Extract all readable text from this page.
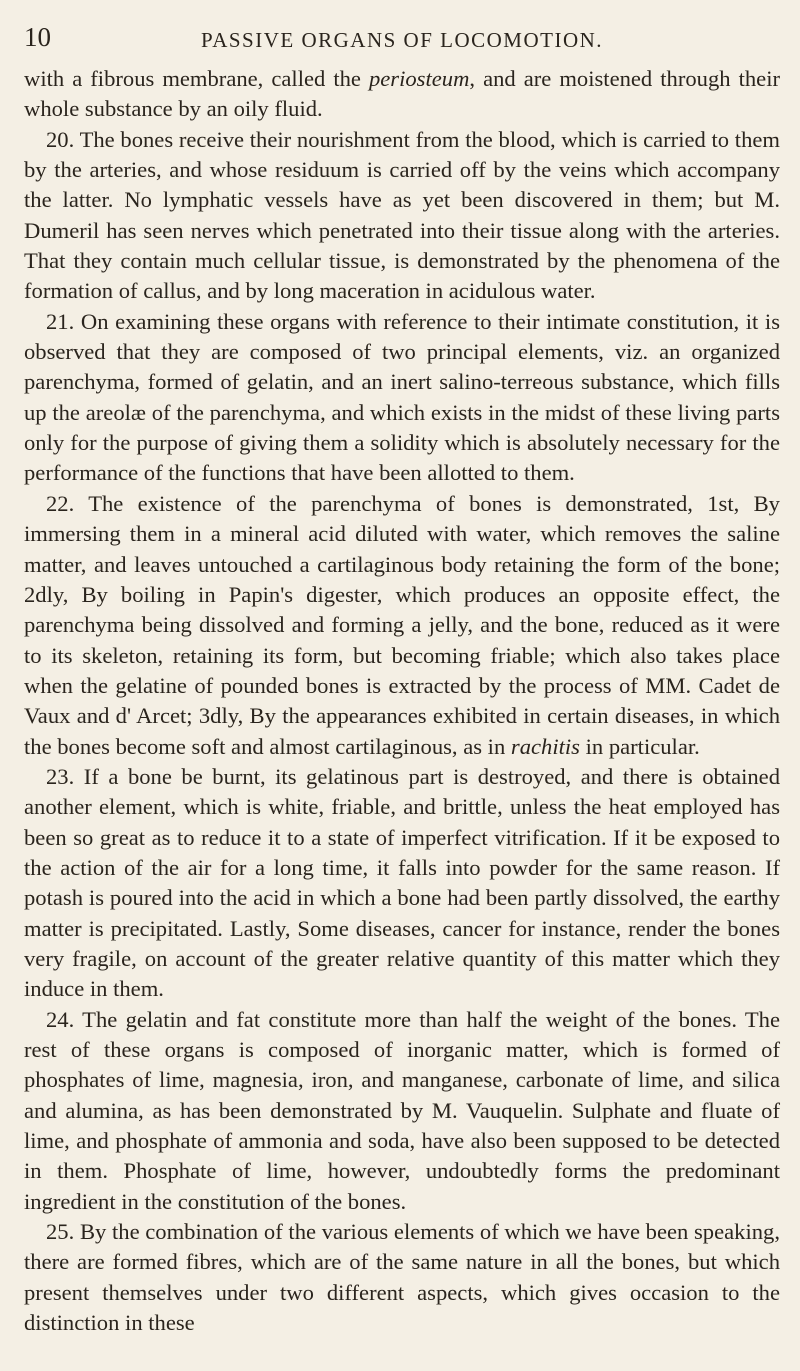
10	PASSIVE ORGANS OF LOCOMOTION.

with a fibrous membrane, called the periosteum, and are moistened through their whole substance by an oily fluid.

20. The bones receive their nourishment from the blood, which is carried to them by the arteries, and whose residuum is carried off by the veins which accompany the latter. No lymphatic vessels have as yet been discovered in them; but M. Dumeril has seen nerves which penetrated into their tissue along with the arteries. That they contain much cellular tissue, is demonstrated by the phenomena of the formation of callus, and by long maceration in acidulous water.

21. On examining these organs with reference to their intimate constitution, it is observed that they are composed of two principal elements, viz. an organized parenchyma, formed of gelatin, and an inert salino-terreous substance, which fills up the areolæ of the parenchyma, and which exists in the midst of these living parts only for the purpose of giving them a solidity which is absolutely necessary for the performance of the functions that have been allotted to them.

22. The existence of the parenchyma of bones is demonstrated, 1st, By immersing them in a mineral acid diluted with water, which removes the saline matter, and leaves untouched a cartilaginous body retaining the form of the bone; 2dly, By boiling in Papin's digester, which produces an opposite effect, the parenchyma being dissolved and forming a jelly, and the bone, reduced as it were to its skeleton, retaining its form, but becoming friable; which also takes place when the gelatine of pounded bones is extracted by the process of MM. Cadet de Vaux and d' Arcet; 3dly, By the appearances exhibited in certain diseases, in which the bones become soft and almost cartilaginous, as in rachitis in particular.

23. If a bone be burnt, its gelatinous part is destroyed, and there is obtained another element, which is white, friable, and brittle, unless the heat employed has been so great as to reduce it to a state of imperfect vitrification. If it be exposed to the action of the air for a long time, it falls into powder for the same reason. If potash is poured into the acid in which a bone had been partly dissolved, the earthy matter is precipitated. Lastly, Some diseases, cancer for instance, render the bones very fragile, on account of the greater relative quantity of this matter which they induce in them.

24. The gelatin and fat constitute more than half the weight of the bones. The rest of these organs is composed of inorganic matter, which is formed of phosphates of lime, magnesia, iron, and manganese, carbonate of lime, and silica and alumina, as has been demonstrated by M. Vauquelin. Sulphate and fluate of lime, and phosphate of ammonia and soda, have also been supposed to be detected in them. Phosphate of lime, however, undoubtedly forms the predominant ingredient in the constitution of the bones.

25. By the combination of the various elements of which we have been speaking, there are formed fibres, which are of the same nature in all the bones, but which present themselves under two different aspects, which gives occasion to the distinction in these
